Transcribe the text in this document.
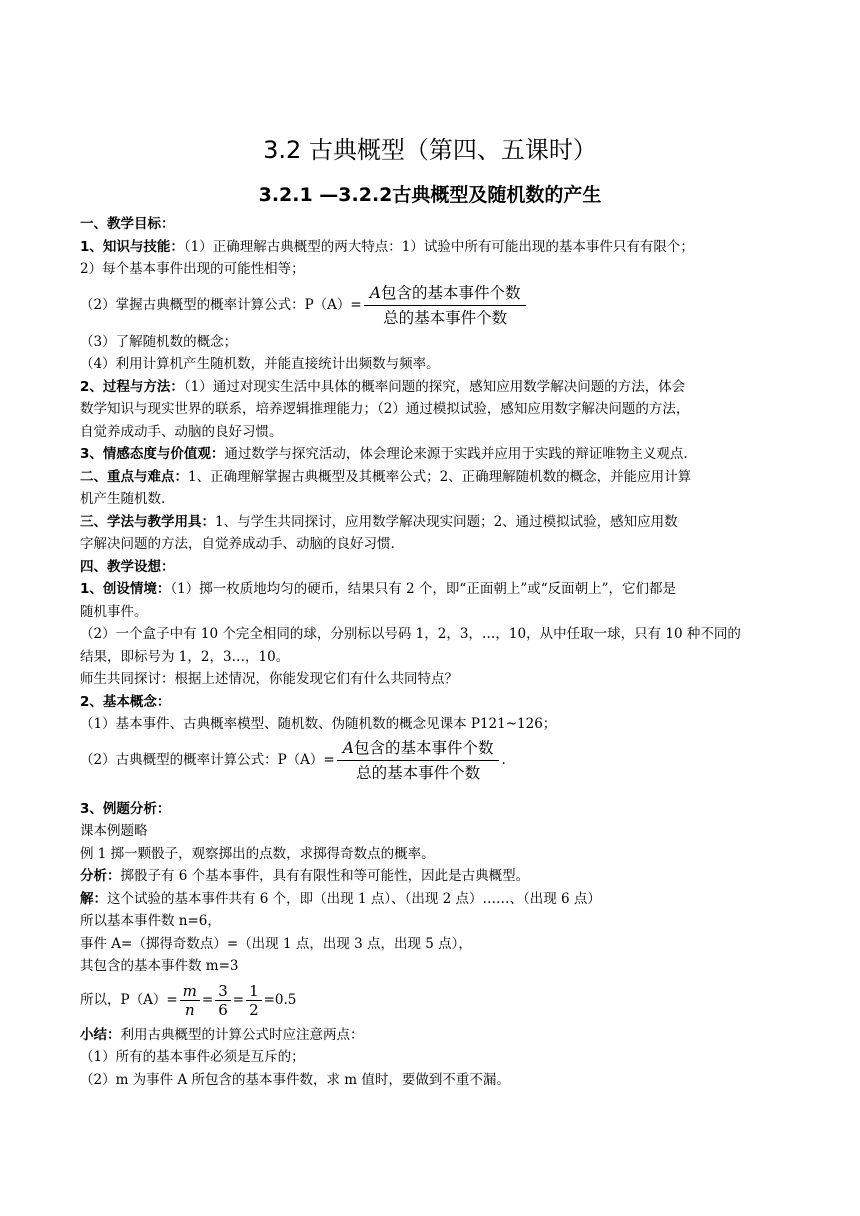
3.2 古典概型（第四、五课时）
3.2.1 —3.2.2古典概型及随机数的产生
一、教学目标：
1、知识与技能：（1）正确理解古典概型的两大特点：1）试验中所有可能出现的基本事件只有有限个；
2）每个基本事件出现的可能性相等；
（2）掌握古典概型的概率计算公式：$P(A)= \frac{\text{A包含的基本事件个数}}{\text{总的基本事件个数}}$
（3）了解随机数的概念；
（4）利用计算机产生随机数，并能直接统计出频数与频率。
2、过程与方法：（1）通过对现实生活中具体的概率问题的探究，感知应用数学解决问题的方法，体会
数学知识与现实世界的联系，培养逻辑推理能力；（2）通过模拟试验，感知应用数字解决问题的方法，
自觉养成动手、动脑的良好习惯。
3、情感态度与价值观：通过数学与探究活动，体会理论来源于实践并应用于实践的辩证唯物主义观点.
二、重点与难点：1、正确理解掌握古典概型及其概率公式；2、正确理解随机数的概念，并能应用计算
机产生随机数.
三、学法与教学用具：1、与学生共同探讨，应用数学解决现实问题；2、通过模拟试验，感知应用数
字解决问题的方法，自觉养成动手、动脑的良好习惯.
四、教学设想：
1、创设情境：（1）掷一枚质地均匀的硬币，结果只有 2 个，即“正面朝上”或“反面朝上”，它们都是
随机事件。
（2）一个盒子中有 10 个完全相同的球，分别标以号码 1，2，3，…，10，从中任取一球，只有 10 种不同的
结果，即标号为 1，2，3…，10。
师生共同探讨：根据上述情况，你能发现它们有什么共同特点？
2、基本概念：
（1）基本事件、古典概率模型、随机数、伪随机数的概念见课本 P121~126；
（2）古典概型的概率计算公式：$P(A)= \frac{\text{A包含的基本事件个数}}{\text{总的基本事件个数}}$ .
3、例题分析：
课本例题略
例 1 掷一颗骰子，观察掷出的点数，求掷得奇数点的概率。
分析：掷骰子有 6 个基本事件，具有有限性和等可能性，因此是古典概型。
解：这个试验的基本事件共有 6 个，即（出现 1 点）、（出现 2 点）……、（出现 6 点）
所以基本事件数 n=6，
事件 A=（掷得奇数点）=（出现 1 点，出现 3 点，出现 5 点），
其包含的基本事件数 m=3
所以，$P(A)= \frac{m}{n} = \frac{3}{6} = \frac{1}{2} =0.5$
小结：利用古典概型的计算公式时应注意两点：
（1）所有的基本事件必须是互斥的；
（2）m 为事件 A 所包含的基本事件数，求 m 值时，要做到不重不漏。
